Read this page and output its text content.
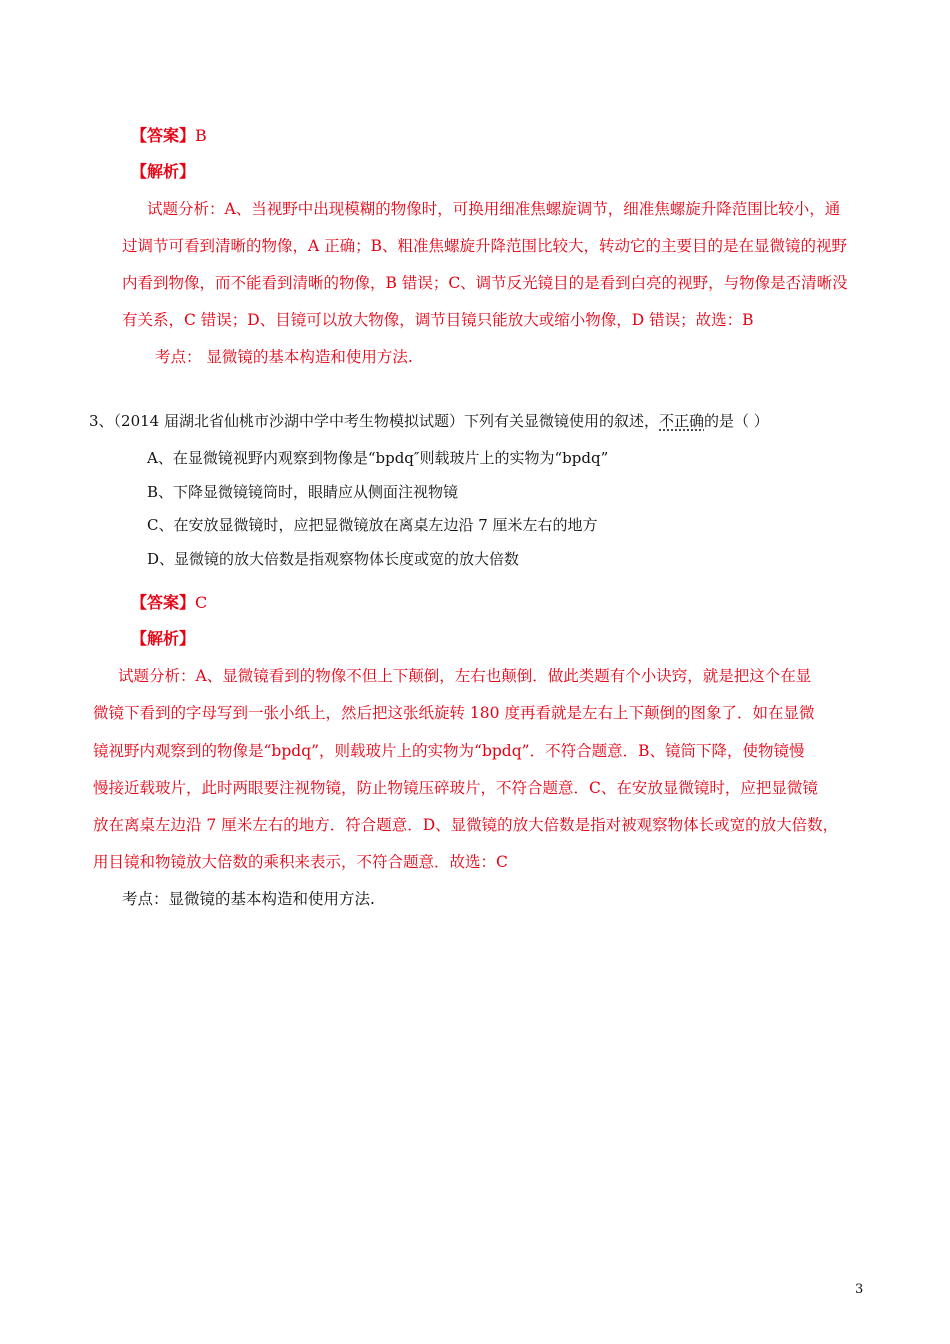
【答案】B
【解析】
试题分析：A、当视野中出现模糊的物像时，可换用细准焦螺旋调节，细准焦螺旋升降范围比较小，通
过调节可看到清晰的物像，A 正确；B、粗准焦螺旋升降范围比较大，转动它的主要目的是在显微镜的视野
内看到物像，而不能看到清晰的物像，B 错误；C、调节反光镜目的是看到白亮的视野，与物像是否清晰没
有关系，C 错误；D、目镜可以放大物像，调节目镜只能放大或缩小物像，D 错误；故选：B
考点： 显微镜的基本构造和使用方法.
3、（2014 届湖北省仙桃市沙湖中学中考生物模拟试题）下列有关显微镜使用的叙述，不正确的是（ ）
A、在显微镜视野内观察到物像是“bpdq″则载玻片上的实物为“bpdq”
B、下降显微镜镜筒时，眼睛应从侧面注视物镜
C、在安放显微镜时，应把显微镜放在离桌左边沿 7 厘米左右的地方
D、显微镜的放大倍数是指观察物体长度或宽的放大倍数
【答案】C
【解析】
试题分析：A、显微镜看到的物像不但上下颠倒，左右也颠倒．做此类题有个小诀窍，就是把这个在显
微镜下看到的字母写到一张小纸上，然后把这张纸旋转 180 度再看就是左右上下颠倒的图象了．如在显微
镜视野内观察到的物像是“bpdq”，则载玻片上的实物为“bpdq”．不符合题意．B、镜筒下降，使物镜慢
慢接近载玻片，此时两眼要注视物镜，防止物镜压碎玻片，不符合题意．C、在安放显微镜时，应把显微镜
放在离桌左边沿 7 厘米左右的地方．符合题意．D、显微镜的放大倍数是指对被观察物体长或宽的放大倍数，
用目镜和物镜放大倍数的乘积来表示，不符合题意．故选：C
考点：显微镜的基本构造和使用方法.
3
